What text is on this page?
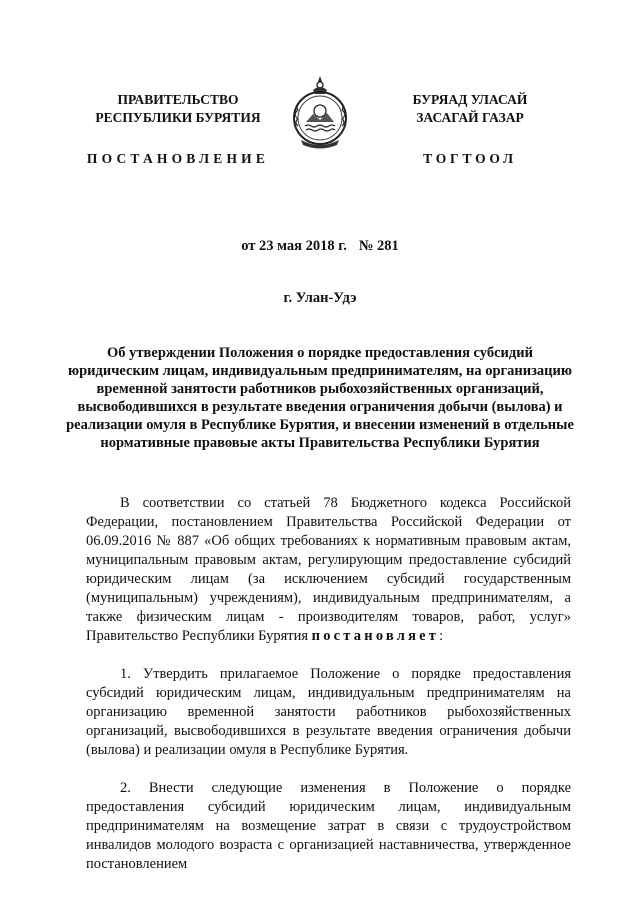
ПРАВИТЕЛЬСТВО
РЕСПУБЛИКИ БУРЯТИЯ
ПОСТАНОВЛЕНИЕ
БУРЯАД УЛАСАЙ
ЗАСАГАЙ ГАЗАР
ТОГТООЛ
от 23 мая 2018 г. № 281
г. Улан-Удэ
Об утверждении Положения о порядке предоставления субсидий юридическим лицам, индивидуальным предпринимателям, на организацию временной занятости работников рыбохозяйственных организаций, высвободившихся в результате введения ограничения добычи (вылова) и реализации омуля в Республике Бурятия, и внесении изменений в отдельные нормативные правовые акты Правительства Республики Бурятия

В соответствии со статьей 78 Бюджетного кодекса Российской Федерации, постановлением Правительства Российской Федерации от 06.09.2016 № 887 «Об общих требованиях к нормативным правовым актам, муниципальным правовым актам, регулирующим предоставление субсидий юридическим лицам (за исключением субсидий государственным (муниципальным) учреждениям), индивидуальным предпринимателям, а также физическим лицам - производителям товаров, работ, услуг» Правительство Республики Бурятия постановляет:

1. Утвердить прилагаемое Положение о порядке предоставления субсидий юридическим лицам, индивидуальным предпринимателям на организацию временной занятости работников рыбохозяйственных организаций, высвободившихся в результате введения ограничения добычи (вылова) и реализации омуля в Республике Бурятия.

2. Внести следующие изменения в Положение о порядке предоставления субсидий юридическим лицам, индивидуальным предпринимателям на возмещение затрат в связи с трудоустройством инвалидов молодого возраста с организацией наставничества, утвержденное постановлением
